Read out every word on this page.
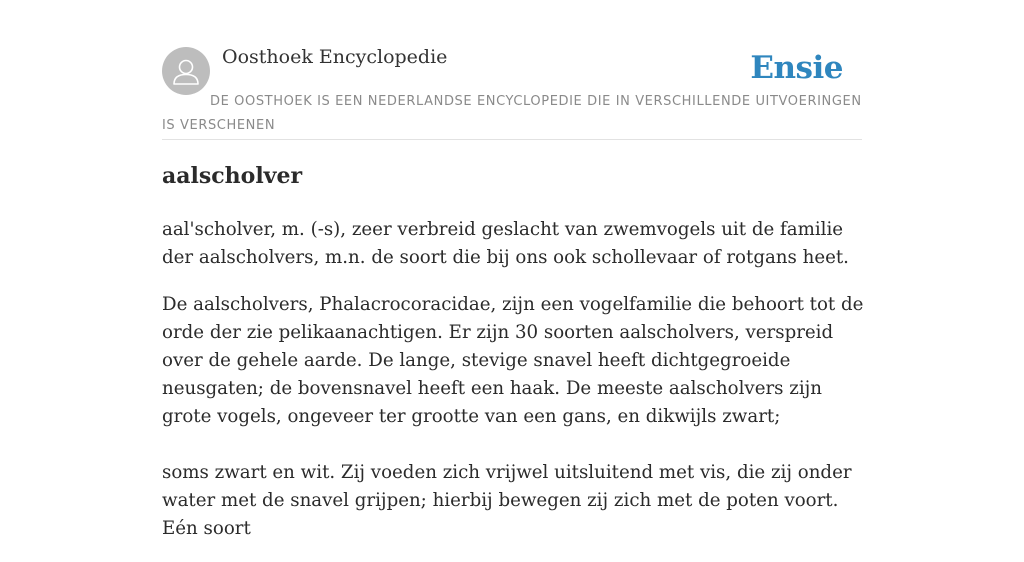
Oosthoek Encyclopedie	Ensie
DE OOSTHOEK IS EEN NEDERLANDSE ENCYCLOPEDIE DIE IN VERSCHILLENDE UITVOERINGEN IS VERSCHENEN
aalscholver

aal'scholver, m. (-s), zeer verbreid geslacht van zwemvogels uit de familie der aalscholvers, m.n. de soort die bij ons ook schollevaar of rotgans heet.

De aalscholvers, Phalacrocoracidae, zijn een vogelfamilie die behoort tot de orde der zie pelikaanachtigen. Er zijn 30 soorten aalscholvers, verspreid over de gehele aarde. De lange, stevige snavel heeft dichtgegroeide neusgaten; de bovensnavel heeft een haak. De meeste aalscholvers zijn grote vogels, ongeveer ter grootte van een gans, en dikwijls zwart;

soms zwart en wit. Zij voeden zich vrijwel uitsluitend met vis, die zij onder water met de snavel grijpen; hierbij bewegen zij zich met de poten voort. Eén soort
